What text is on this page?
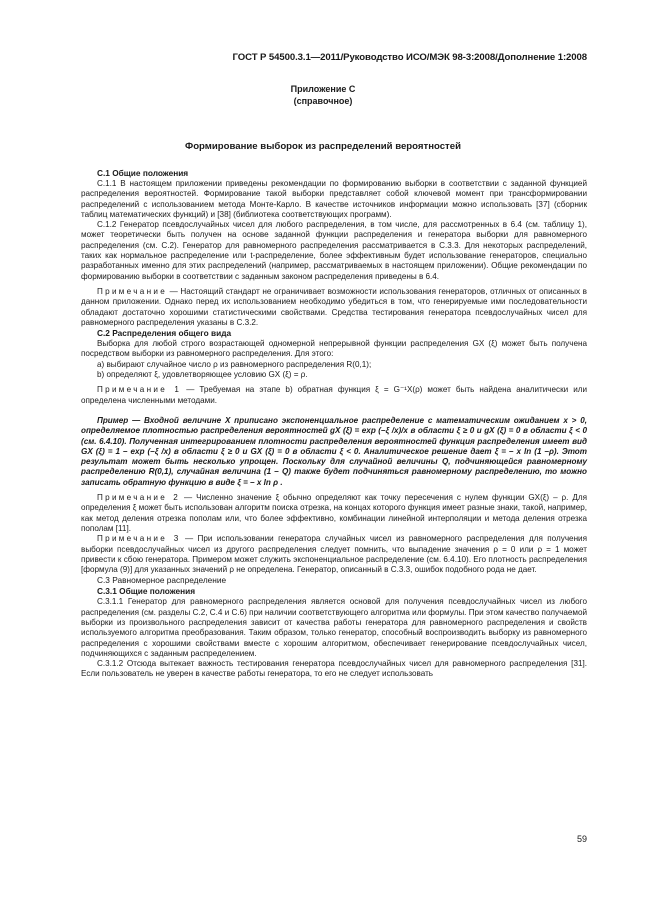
ГОСТ Р 54500.3.1—2011/Руководство ИСО/МЭК 98-3:2008/Дополнение 1:2008
Приложение С
(справочное)
Формирование выборок из распределений вероятностей
С.1 Общие положения

С.1.1 В настоящем приложении приведены рекомендации по формированию выборки в соответствии с заданной функцией распределения вероятностей. Формирование такой выборки представляет собой ключевой момент при трансформировании распределений с использованием метода Монте-Карло. В качестве источников информации можно использовать [37] (сборник таблиц математических функций) и [38] (библиотека соответствующих программ).

С.1.2 Генератор псевдослучайных чисел для любого распределения, в том числе, для рассмотренных в 6.4 (см. таблицу 1), может теоретически быть получен на основе заданной функции распределения и генератора выборки для равномерного распределения (см. С.2). Генератор для равномерного распределения рассматривается в С.3.3. Для некоторых распределений, таких как нормальное распределение или t-распределение, более эффективным будет использование генераторов, специально разработанных именно для этих распределений (например, рассматриваемых в настоящем приложении). Общие рекомендации по формированию выборки в соответствии с заданным законом распределения приведены в 6.4.

Примечание — Настоящий стандарт не ограничивает возможности использования генераторов, отличных от описанных в данном приложении. Однако перед их использованием необходимо убедиться в том, что генерируемые ими последовательности обладают достаточно хорошими статистическими свойствами. Средства тестирования генератора псевдослучайных чисел для равномерного распределения указаны в С.3.2.

С.2 Распределения общего вида

Выборка для любой строго возрастающей одномерной непрерывной функции распределения GX (ξ) может быть получена посредством выборки из равномерного распределения. Для этого:

a) выбирают случайное число ρ из равномерного распределения R(0,1);

b) определяют ξ, удовлетворяющее условию GX (ξ) = ρ.

Примечание 1 — Требуемая на этапе b) обратная функция ξ = G⁻¹X(ρ) может быть найдена аналитически или определена численными методами.

Пример — Входной величине X приписано экспоненциальное распределение с математическим ожиданием x > 0, определяемое плотностью распределения вероятностей gX (ξ) = exp (–ξ /x)/x в области ξ ≥ 0 и gX (ξ) = 0 в области ξ < 0 (см. 6.4.10). Полученная интегрированием плотности распределения вероятностей функция распределения имеет вид GX (ξ) = 1 – exp (–ξ /x) в области ξ ≥ 0 и GX (ξ) = 0 в области ξ < 0. Аналитическое решение дает ξ = – x ln (1 –ρ). Этот результат может быть несколько упрощен. Поскольку для случайной величины Q, подчиняющейся равномерному распределению R(0,1), случайная величина (1 – Q) также будет подчиняться равномерному распределению, то можно записать обратную функцию в виде ξ = – x ln ρ .

Примечание 2 — Численно значение ξ обычно определяют как точку пересечения с нулем функции GX(ξ) – ρ. Для определения ξ может быть использован алгоритм поиска отрезка, на концах которого функция имеет разные знаки, такой, например, как метод деления отрезка пополам или, что более эффективно, комбинации линейной интерполяции и метода деления отрезка пополам [11].

Примечание 3 — При использовании генератора случайных чисел из равномерного распределения для получения выборки псевдослучайных чисел из другого распределения следует помнить, что выпадение значения ρ = 0 или ρ = 1 может привести к сбою генератора. Примером может служить экспоненциальное распределение (см. 6.4.10). Его плотность распределения [формула (9)] для указанных значений ρ не определена. Генератор, описанный в С.3.3, ошибок подобного рода не дает.

С.3 Равномерное распределение
С.3.1 Общие положения

С.3.1.1 Генератор для равномерного распределения является основой для получения псевдослучайных чисел из любого распределения (см. разделы С.2, С.4 и С.6) при наличии соответствующего алгоритма или формулы. При этом качество получаемой выборки из произвольного распределения зависит от качества работы генератора для равномерного распределения и свойств используемого алгоритма преобразования. Таким образом, только генератор, способный воспроизводить выборку из равномерного распределения с хорошими свойствами вместе с хорошим алгоритмом, обеспечивает генерирование псевдослучайных чисел, подчиняющихся с заданным распределением.

С.3.1.2 Отсюда вытекает важность тестирования генератора псевдослучайных чисел для равномерного распределения [31]. Если пользователь не уверен в качестве работы генератора, то его не следует использовать

59
